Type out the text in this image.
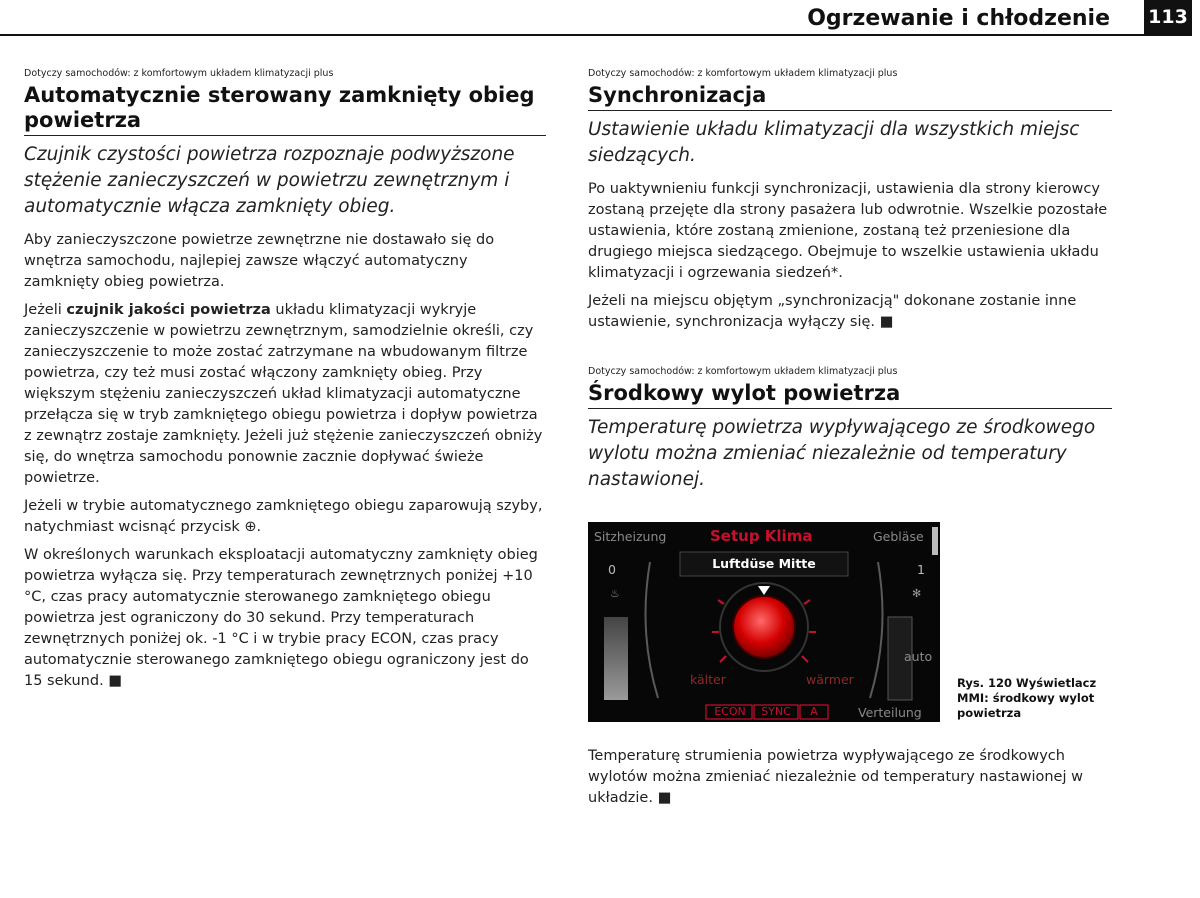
Ogrzewanie i chłodzenie 113

Dotyczy samochodów: z komfortowym układem klimatyzacji plus

Automatycznie sterowany zamknięty obieg powietrza

Czujnik czystości powietrza rozpoznaje podwyższone stężenie zanieczyszczeń w powietrzu zewnętrznym i automatycznie włącza zamknięty obieg.

Aby zanieczyszczone powietrze zewnętrzne nie dostawało się do wnętrza samochodu, najlepiej zawsze włączyć automatyczny zamknięty obieg powietrza.

Jeżeli czujnik jakości powietrza układu klimatyzacji wykryje zanieczyszczenie w powietrzu zewnętrznym, samodzielnie określi, czy zanieczyszczenie to może zostać zatrzymane na wbudowanym filtrze powietrza, czy też musi zostać włączony zamknięty obieg. Przy większym stężeniu zanieczyszczeń układ klimatyzacji automatyczne przełącza się w tryb zamkniętego obiegu powietrza i dopływ powietrza z zewnątrz zostaje zamknięty. Jeżeli już stężenie zanieczyszczeń obniży się, do wnętrza samochodu ponownie zacznie dopływać świeże powietrze.

Jeżeli w trybie automatycznego zamkniętego obiegu zaparowują szyby, natychmiast wcisnąć przycisk ⊕.

W określonych warunkach eksploatacji automatyczny zamknięty obieg powietrza wyłącza się. Przy temperaturach zewnętrznych poniżej +10 °C, czas pracy automatycznie sterowanego zamkniętego obiegu powietrza jest ograniczony do 30 sekund. Przy temperaturach zewnętrznych poniżej ok. -1 °C i w trybie pracy ECON, czas pracy automatycznie sterowanego zamkniętego obiegu ograniczony jest do 15 sekund. ■

Dotyczy samochodów: z komfortowym układem klimatyzacji plus

Synchronizacja

Ustawienie układu klimatyzacji dla wszystkich miejsc siedzących.

Po uaktywnieniu funkcji synchronizacji, ustawienia dla strony kierowcy zostaną przejęte dla strony pasażera lub odwrotnie. Wszelkie pozostałe ustawienia, które zostaną zmienione, zostaną też przeniesione dla drugiego miejsca siedzącego. Obejmuje to wszelkie ustawienia układu klimatyzacji i ogrzewania siedzeń*.

Jeżeli na miejscu objętym „synchronizacją" dokonane zostanie inne ustawienie, synchronizacja wyłączy się. ■

Dotyczy samochodów: z komfortowym układem klimatyzacji plus

Środkowy wylot powietrza

Temperaturę powietrza wypływającego ze środkowego wylotu można zmieniać niezależnie od temperatury nastawionej.

♨	✻
Sitzheizung	Setup Klima	Gebläse
Luftdüse Mitte
0	1
auto
kälter	wärmer
ECON	SYNC	A	Verteilung
Rys. 120 Wyświetlacz MMI: środkowy wylot powietrza

Temperaturę strumienia powietrza wypływającego ze środkowych wylotów można zmieniać niezależnie od temperatury nastawionej w układzie. ■
